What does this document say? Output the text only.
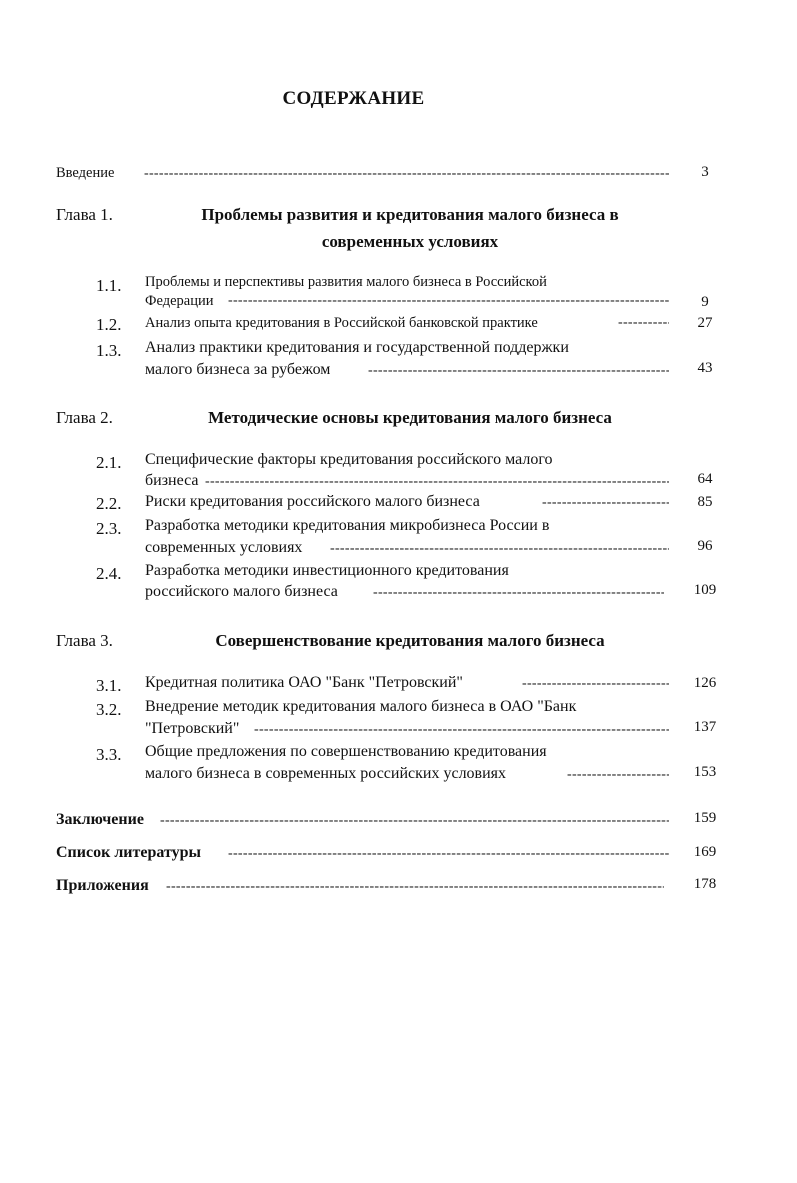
СОДЕРЖАНИЕ
Введение -----	3
Глава 1.	Проблемы развития и кредитования малого бизнеса в
современных условиях
1.1. Проблемы и перспективы развития малого бизнеса в Российской
Федерации -----	9
1.2. Анализ опыта кредитования в Российской банковской практике -----	27
1.3. Анализ практики кредитования и государственной поддержки
малого бизнеса за рубежом -----	43
Глава 2.	Методические основы кредитования малого бизнеса
2.1. Специфические факторы кредитования российского малого
бизнеса -----	64
2.2. Риски кредитования российского малого бизнеса -----	85
2.3. Разработка методики кредитования микробизнеса России в
современных условиях -----	96
2.4. Разработка методики инвестиционного кредитования
российского малого бизнеса -----	109
Глава 3.	Совершенствование кредитования малого бизнеса
3.1. Кредитная политика ОАО "Банк "Петровский" -----	126
3.2. Внедрение методик кредитования малого бизнеса в ОАО "Банк
"Петровский" -----	137
3.3. Общие предложения по совершенствованию кредитования
малого бизнеса в современных российских условиях -----	153
Заключение -----	159
Список литературы -----	169
Приложения -----	178
